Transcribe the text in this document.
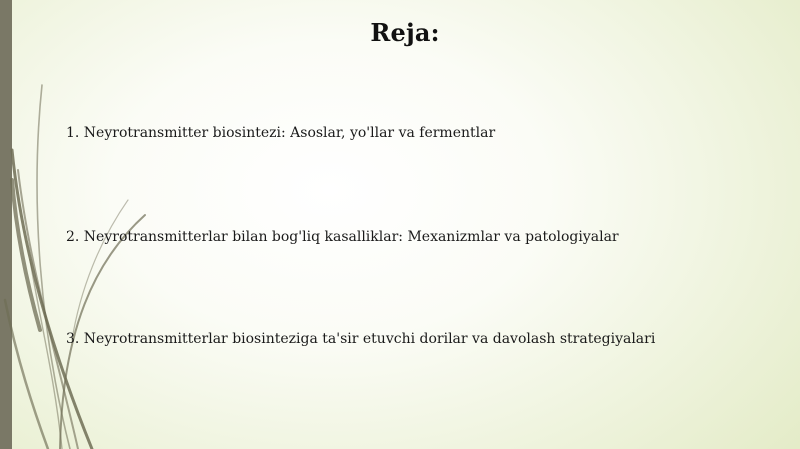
Reja:
1. Neyrotransmitter biosintezi: Asoslar, yo'llar va fermentlar
2. Neyrotransmitterlar bilan bog'liq kasalliklar: Mexanizmlar va patologiyalar
3. Neyrotransmitterlar biosinteziga ta'sir etuvchi dorilar va davolash strategiyalari
